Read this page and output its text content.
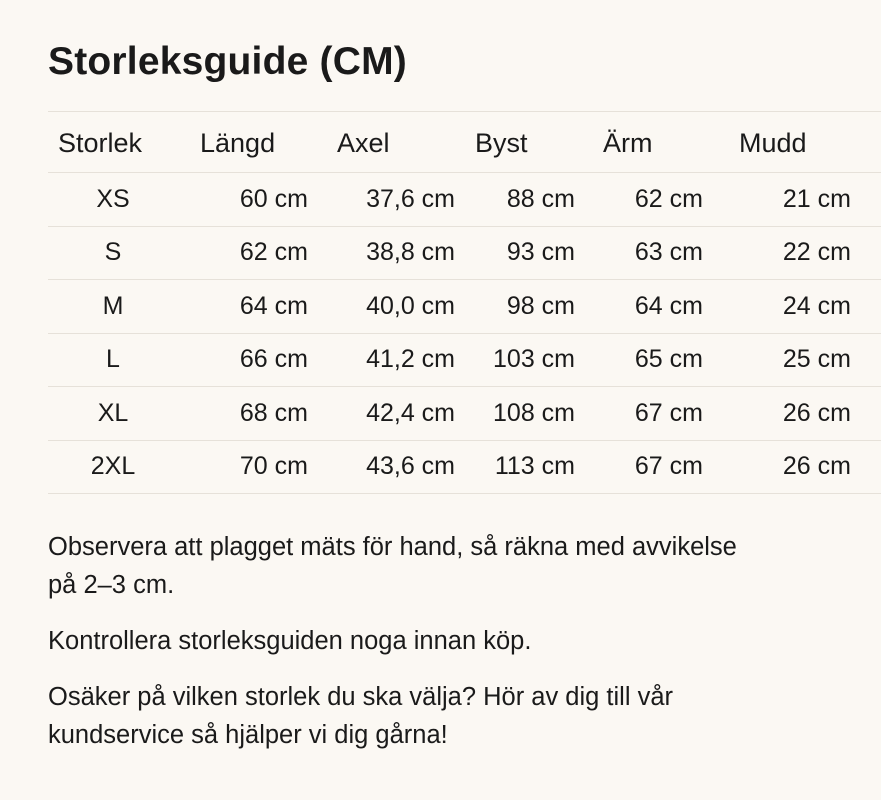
Storleksguide (CM)
Storlek	Längd	Axel	Byst	Ärm	Mudd
XS	60 cm	37,6 cm	88 cm	62 cm	21 cm
S	62 cm	38,8 cm	93 cm	63 cm	22 cm
M	64 cm	40,0 cm	98 cm	64 cm	24 cm
L	66 cm	41,2 cm	103 cm	65 cm	25 cm
XL	68 cm	42,4 cm	108 cm	67 cm	26 cm
2XL	70 cm	43,6 cm	113 cm	67 cm	26 cm

Observera att plagget mäts för hand, så räkna med avvikelse på 2–3 cm.

Kontrollera storleksguiden noga innan köp.

Osäker på vilken storlek du ska välja? Hör av dig till vår kundservice så hjälper vi dig gårna!
